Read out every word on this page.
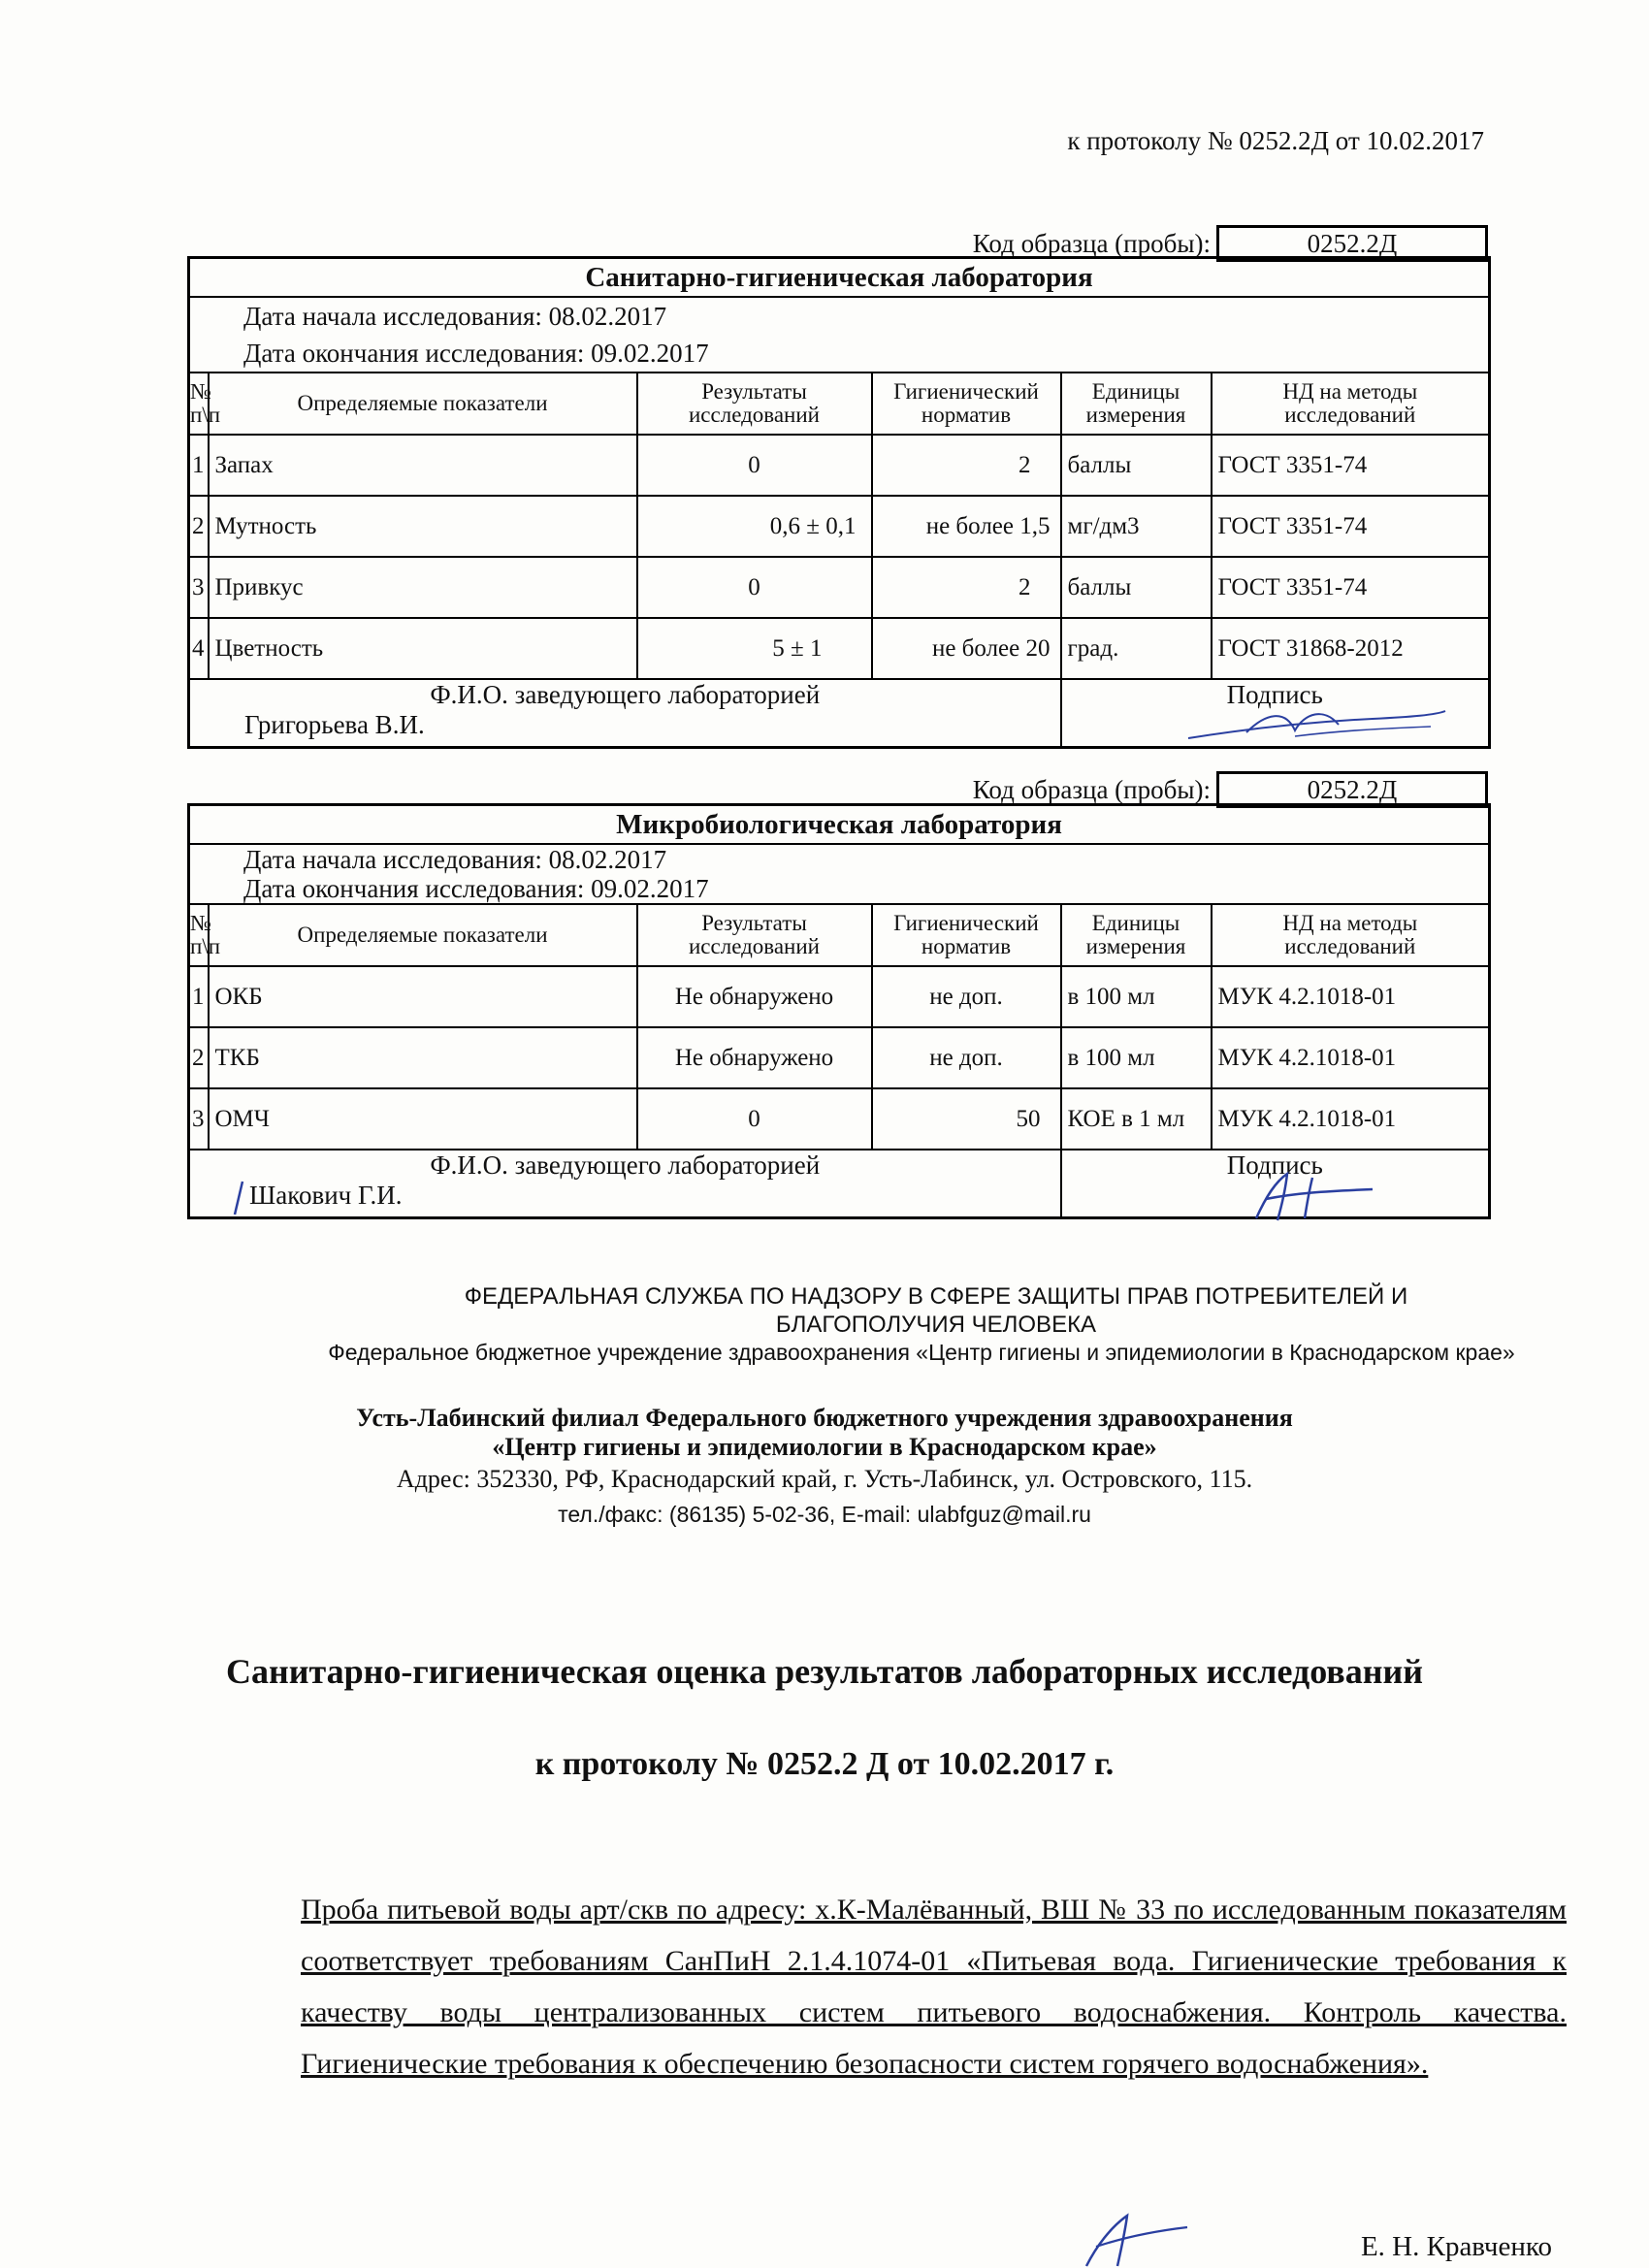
к протоколу № 0252.2Д от 10.02.2017
Код образца (пробы):	0252.2Д
Санитарно-гигиеническая лаборатория					
Дата начала исследования: 08.02.2017					
Дата окончания исследования: 09.02.2017					
№ п\п	Определяемые показатели	Результаты исследований	Гигиенический норматив	Единицы измерения	НД на методы исследований
1	Запах	0	2	баллы	ГОСТ 3351-74
2	Мутность	0,6 ± 0,1	не более 1,5	мг/дм3	ГОСТ 3351-74
3	Привкус	0	2	баллы	ГОСТ 3351-74
4	Цветность	5 ± 1	не более 20	град.	ГОСТ 31868-2012

Ф.И.О. заведующего лабораторией
Григорьева В.И.				Подпись	
Код образца (пробы):	0252.2Д
Микробиологическая лаборатория					
Дата начала исследования: 08.02.2017					
Дата окончания исследования: 09.02.2017					
№ п\п	Определяемые показатели	Результаты исследований	Гигиенический норматив	Единицы измерения	НД на методы исследований
1	ОКБ	Не обнаружено	не доп.	в 100 мл	МУК 4.2.1018-01
2	ТКБ	Не обнаружено	не доп.	в 100 мл	МУК 4.2.1018-01
3	ОМЧ	0	50	КОЕ в 1 мл	МУК 4.2.1018-01

Ф.И.О. заведующего лабораторией
Шакович Г.И.				Подпись	
ФЕДЕРАЛЬНАЯ СЛУЖБА ПО НАДЗОРУ В СФЕРЕ ЗАЩИТЫ ПРАВ ПОТРЕБИТЕЛЕЙ И БЛАГОПОЛУЧИЯ ЧЕЛОВЕКА
Федеральное бюджетное учреждение здравоохранения «Центр гигиены и эпидемиологии в Краснодарском крае»
Усть-Лабинский филиал Федерального бюджетного учреждения здравоохранения
«Центр гигиены и эпидемиологии в Краснодарском крае»
Адрес: 352330, РФ, Краснодарский край, г. Усть-Лабинск, ул. Островского, 115.
тел./факс: (86135) 5-02-36, E-mail: ulabfguz@mail.ru
Санитарно-гигиеническая оценка результатов лабораторных исследований
к протоколу № 0252.2 Д от 10.02.2017 г.
Проба питьевой воды арт/скв по адресу: х.К-Малёванный, ВШ № 33 по исследованным показателям соответствует требованиям СанПиН 2.1.4.1074-01 «Питьевая вода. Гигиенические требования к качеству воды централизованных систем питьевого водоснабжения. Контроль качества. Гигиенические требования к обеспечению безопасности систем горячего водоснабжения».
Е. Н. Кравченко
